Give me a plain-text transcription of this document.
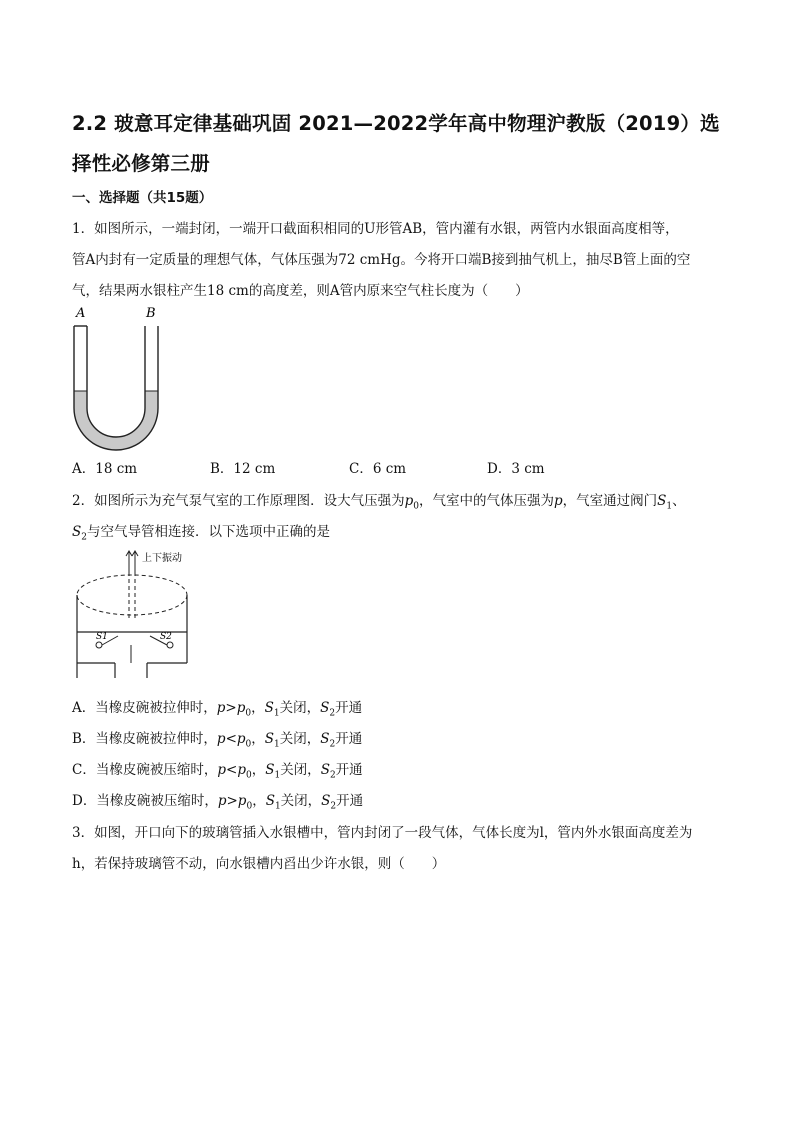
2.2 玻意耳定律基础巩固 2021—2022学年高中物理沪教版（2019）选择性必修第三册
一、选择题（共15题）
1．如图所示，一端封闭，一端开口截面积相同的U形管AB，管内灌有水银，两管内水银面高度相等，
管A内封有一定质量的理想气体，气体压强为72 cmHg。今将开口端B接到抽气机上，抽尽B管上面的空
气，结果两水银柱产生18 cm的高度差，则A管内原来空气柱长度为（　　）
A	B
A．18 cm	B．12 cm	C．6 cm	D．3 cm
2．如图所示为充气泵气室的工作原理图．设大气压强为$p_0$，气室中的气体压强为p，气室通过阀门$S_1$、
$S_2$与空气导管相连接．以下选项中正确的是
上下振动
S1	S2
A．当橡皮碗被拉伸时，$p>p_0$，$S_1$关闭，$S_2$开通
B．当橡皮碗被拉伸时，$p<p_0$，$S_1$关闭，$S_2$开通
C．当橡皮碗被压缩时，$p<p_0$，$S_1$关闭，$S_2$开通
D．当橡皮碗被压缩时，$p>p_0$，$S_1$关闭，$S_2$开通
3．如图，开口向下的玻璃管插入水银槽中，管内封闭了一段气体，气体长度为l，管内外水银面高度差为
h，若保持玻璃管不动，向水银槽内舀出少许水银，则（　　）
